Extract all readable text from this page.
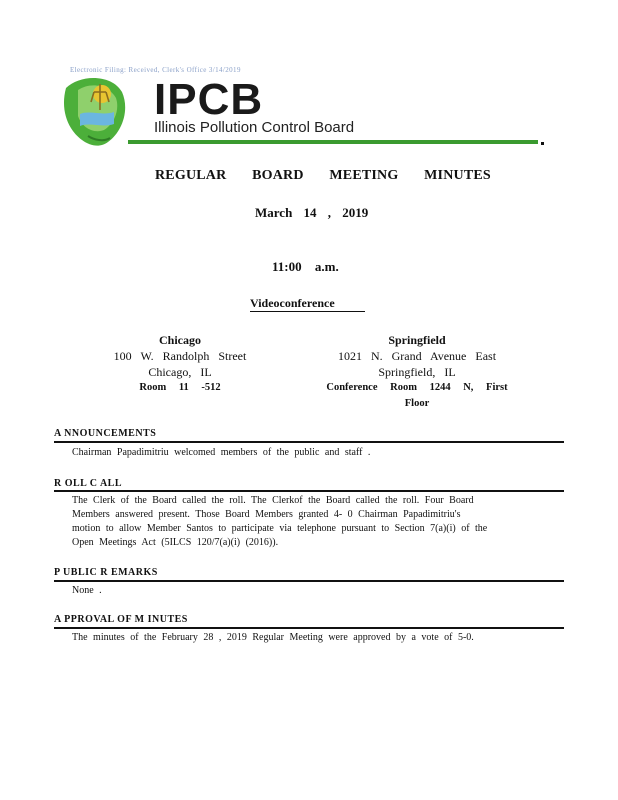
Electronic Filing: Received, Clerk's Office 3/14/2019
IPCB
Illinois Pollution Control Board
REGULAR BOARD MEETING MINUTES
March 14 , 2019
11:00 a.m.
Videoconference
Chicago
100 W. Randolph Street
Chicago, IL
Room 11 -512
Springfield
1021 N. Grand Avenue East
Springfield, IL
Conference Room 1244 N, First
Floor
A NNOUNCEMENTS
Chairman Papadimitriu welcomed members of the public and staff .
R OLL C ALL
The Clerk of the Board called the roll. The Clerkof the Board called the roll. Four Board
Members answered present. Those Board Members granted 4- 0 Chairman Papadimitriu's
motion to allow Member Santos to participate via telephone pursuant to Section 7(a)(i) of the
Open Meetings Act (5ILCS 120/7(a)(i) (2016)).
P UBLIC R EMARKS
None .
A PPROVAL OF M INUTES
The minutes of the February 28 , 2019 Regular Meeting were approved by a vote of 5-0.
